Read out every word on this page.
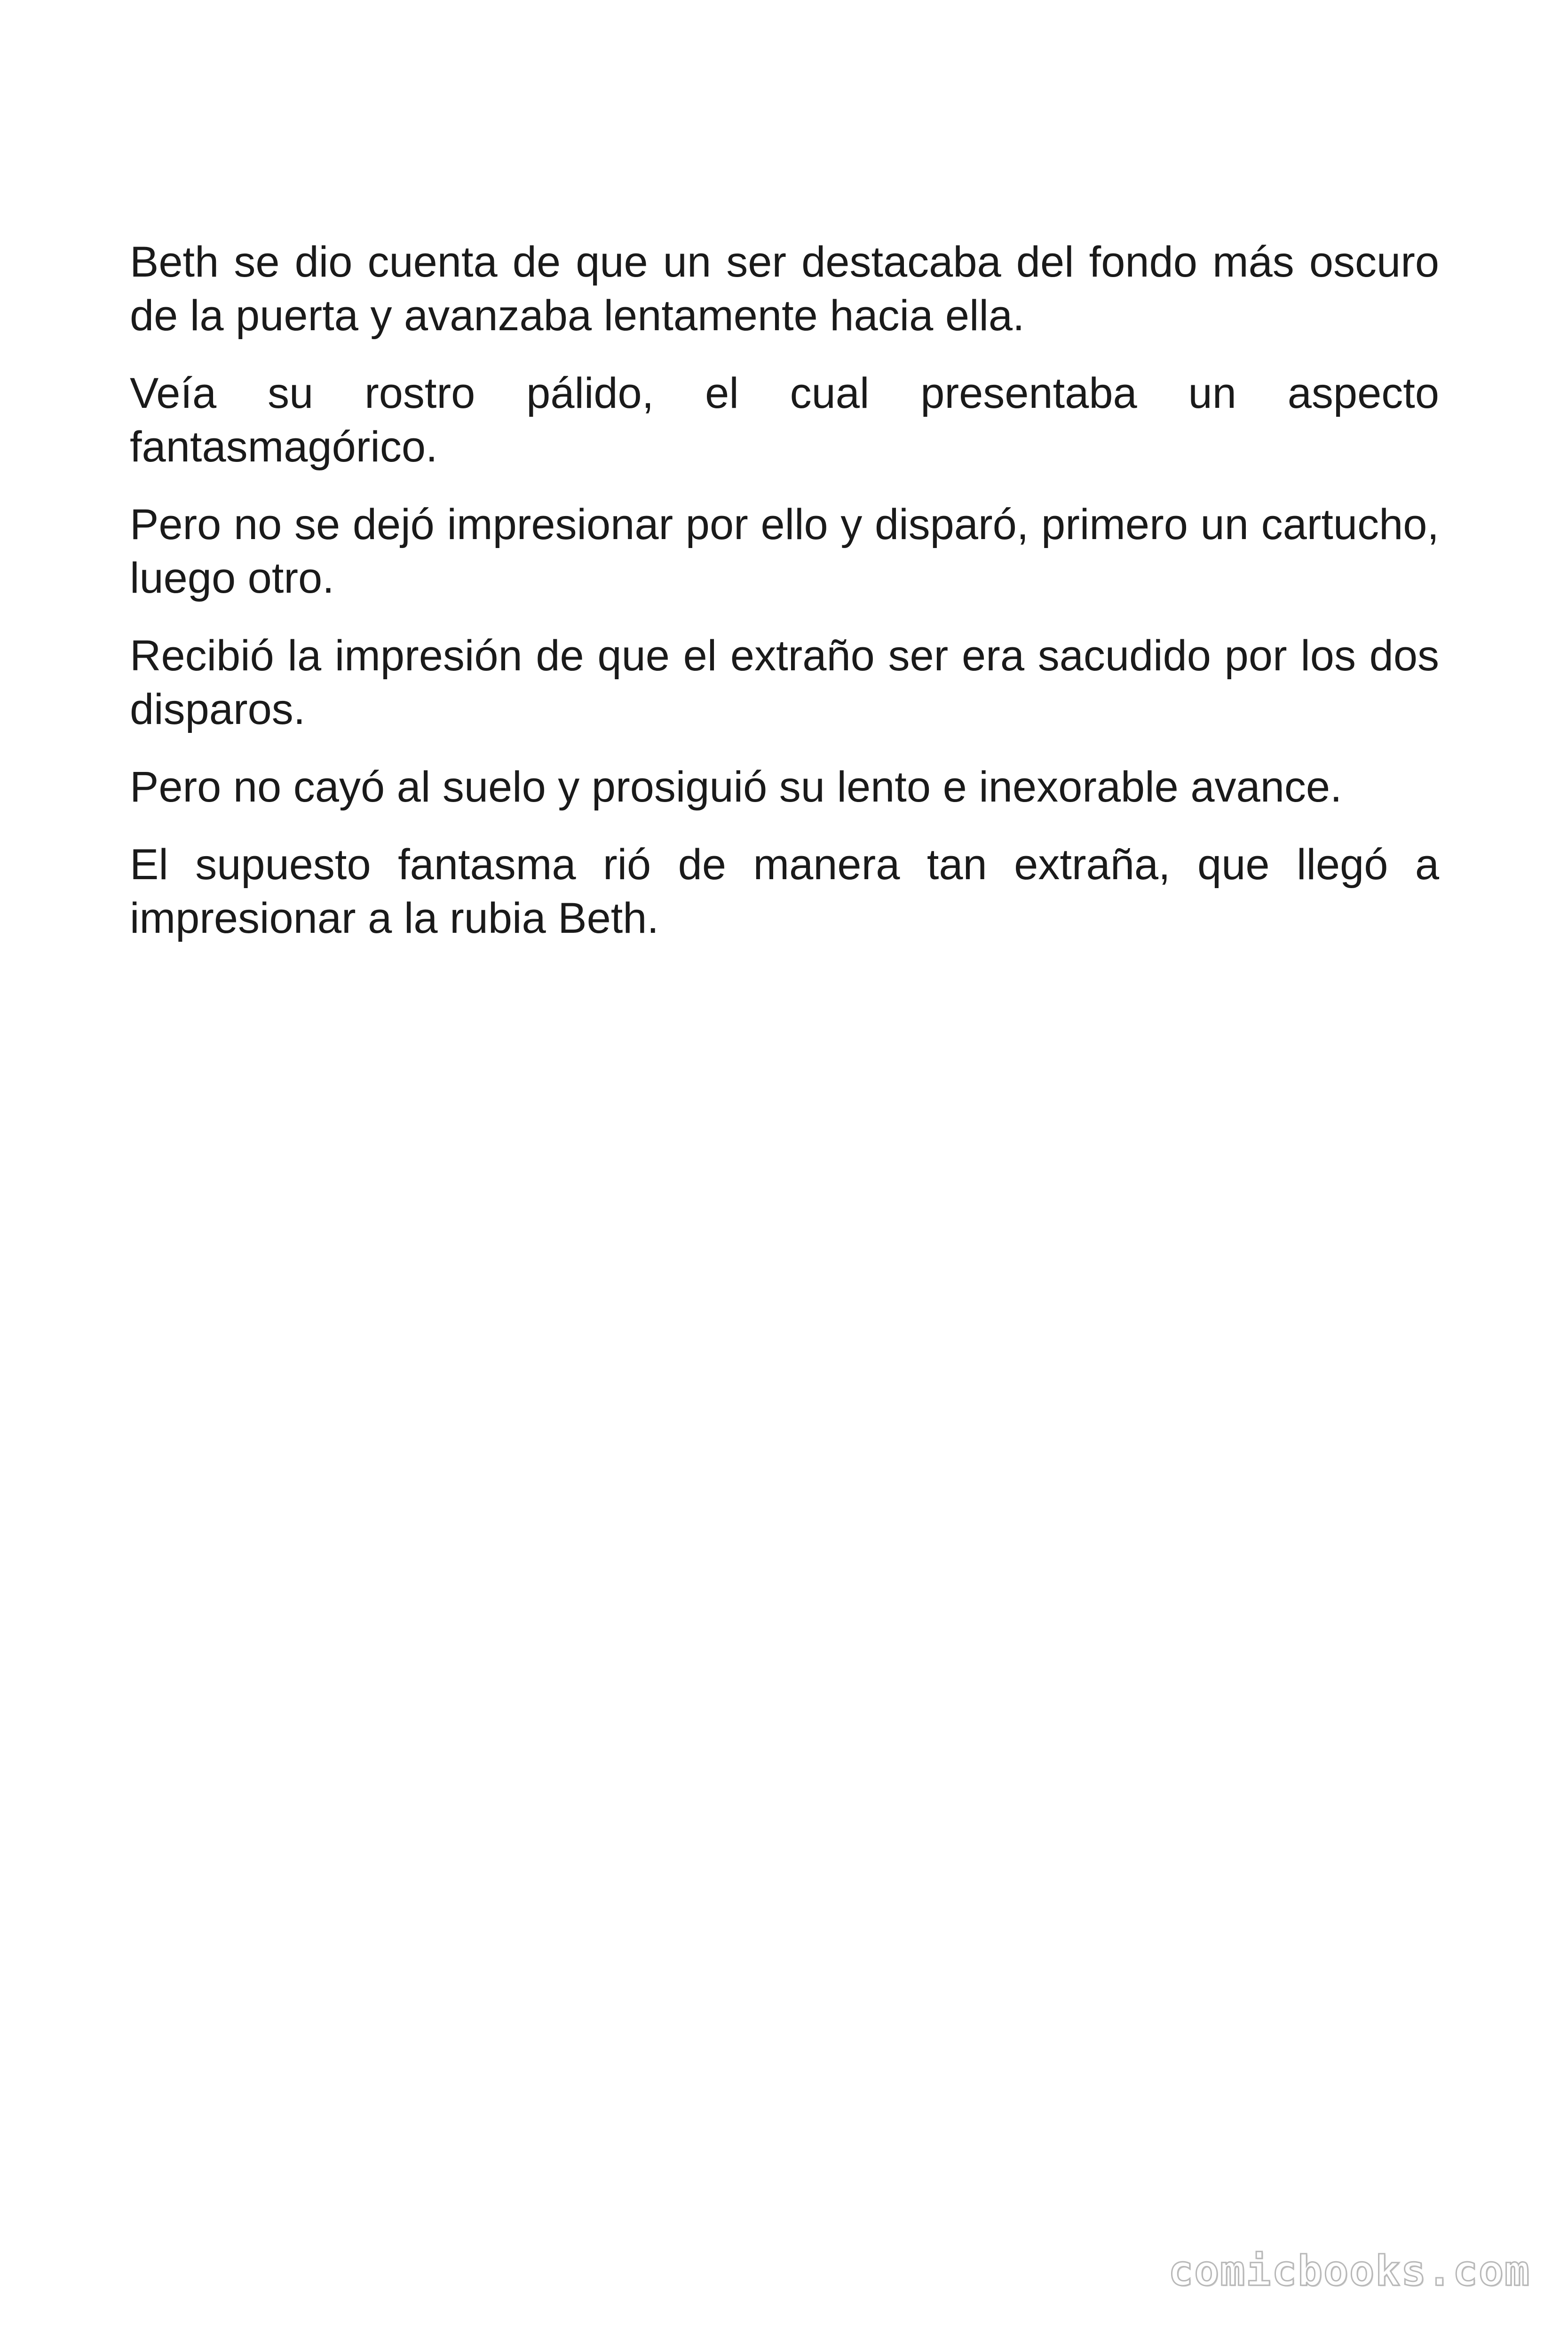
Beth se dio cuenta de que un ser destacaba del fondo más oscuro de la puerta y avanzaba lentamente hacia ella.

Veía su rostro pálido, el cual presentaba un aspecto fantasmagórico.

Pero no se dejó impresionar por ello y disparó, primero un cartucho, luego otro.

Recibió la impresión de que el extraño ser era sacudido por los dos disparos.

Pero no cayó al suelo y prosiguió su lento e inexorable avance.

El supuesto fantasma rió de manera tan extraña, que llegó a impresionar a la rubia Beth.

comicbooks.com
